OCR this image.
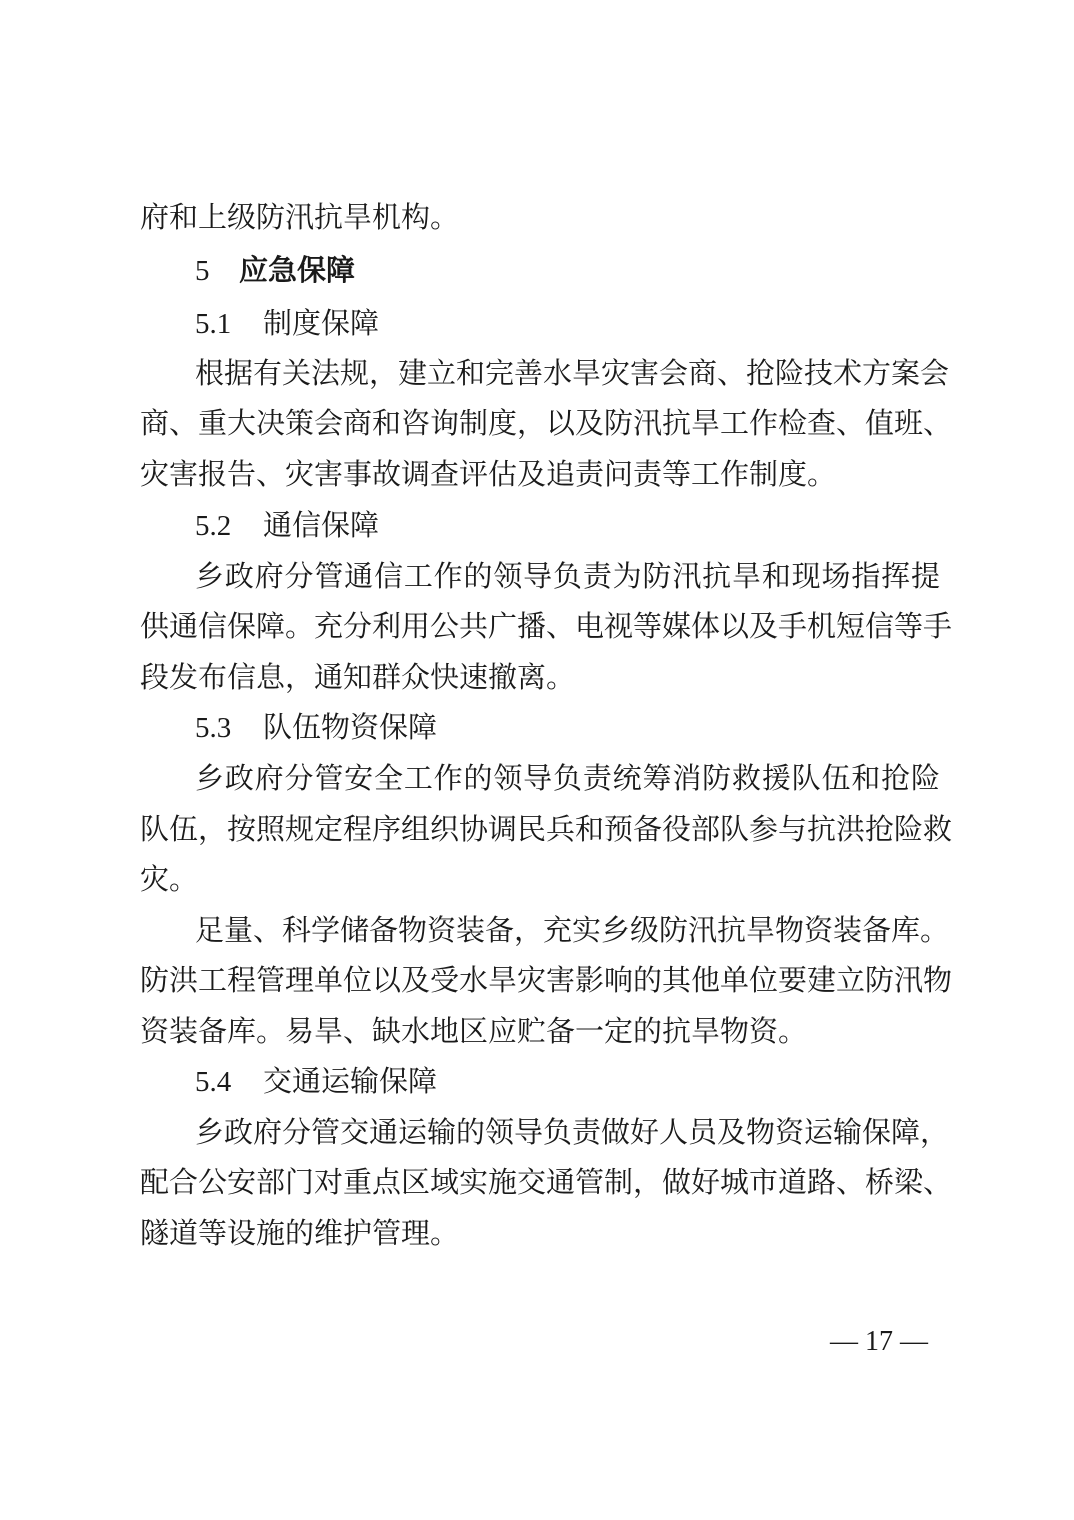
府和上级防汛抗旱机构。
5 应急保障
5.1 制度保障
根据有关法规，建立和完善水旱灾害会商、抢险技术方案会
商、重大决策会商和咨询制度，以及防汛抗旱工作检查、值班、
灾害报告、灾害事故调查评估及追责问责等工作制度。
5.2 通信保障
乡政府分管通信工作的领导负责为防汛抗旱和现场指挥提
供通信保障。充分利用公共广播、电视等媒体以及手机短信等手
段发布信息，通知群众快速撤离。
5.3 队伍物资保障
乡政府分管安全工作的领导负责统筹消防救援队伍和抢险
队伍，按照规定程序组织协调民兵和预备役部队参与抗洪抢险救
灾。
足量、科学储备物资装备，充实乡级防汛抗旱物资装备库。
防洪工程管理单位以及受水旱灾害影响的其他单位要建立防汛物
资装备库。易旱、缺水地区应贮备一定的抗旱物资。
5.4 交通运输保障
乡政府分管交通运输的领导负责做好人员及物资运输保障，
配合公安部门对重点区域实施交通管制，做好城市道路、桥梁、
隧道等设施的维护管理。
— 17 —
